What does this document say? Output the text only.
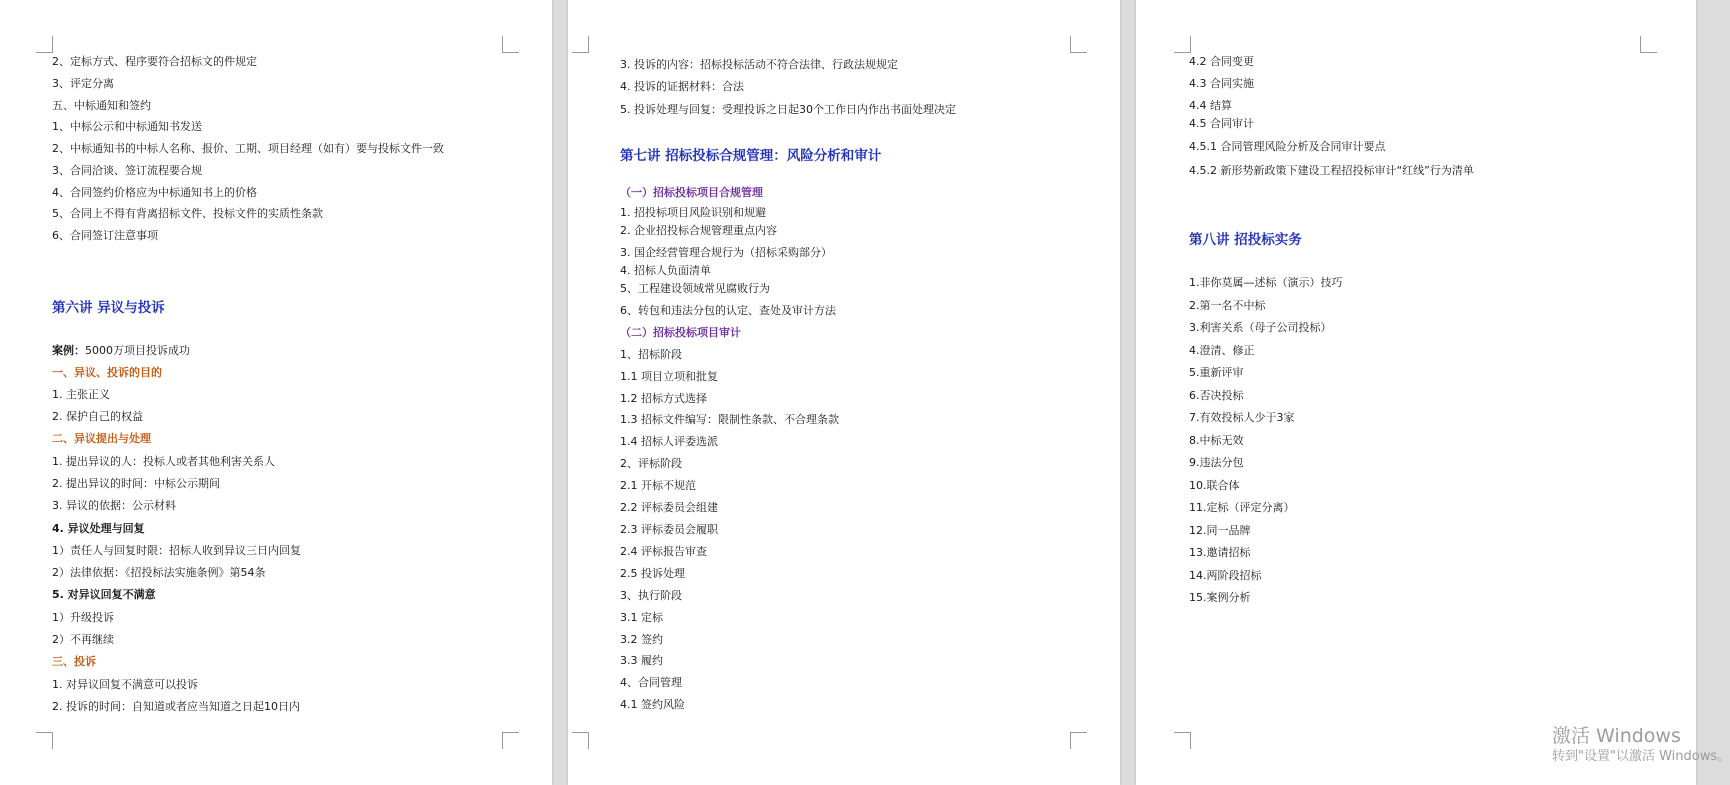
2、定标方式、程序要符合招标文的件规定
3、评定分离
五、中标通知和签约
1、中标公示和中标通知书发送
2、中标通知书的中标人名称、报价、工期、项目经理（如有）要与投标文件一致
3、合同洽谈、签订流程要合规
4、合同签约价格应为中标通知书上的价格
5、合同上不得有背离招标文件、投标文件的实质性条款
6、合同签订注意事项
第六讲 异议与投诉
案例：5000万项目投诉成功
一、异议、投诉的目的
1. 主张正义
2. 保护自己的权益
二、异议提出与处理
1. 提出异议的人：投标人或者其他利害关系人
2. 提出异议的时间：中标公示期间
3. 异议的依据：公示材料
4. 异议处理与回复
1）责任人与回复时限：招标人收到异议三日内回复
2）法律依据：《招投标法实施条例》第54条
5. 对异议回复不满意
1）升级投诉
2）不再继续
三、投诉
1. 对异议回复不满意可以投诉
2. 投诉的时间：自知道或者应当知道之日起10日内
3. 投诉的内容：招标投标活动不符合法律、行政法规规定
4. 投诉的证据材料：合法
5. 投诉处理与回复：受理投诉之日起30个工作日内作出书面处理决定
第七讲 招标投标合规管理：风险分析和审计
（一）招标投标项目合规管理
1. 招投标项目风险识别和规避
2. 企业招投标合规管理重点内容
3. 国企经营管理合规行为（招标采购部分）
4. 招标人负面清单
5、工程建设领域常见腐败行为
6、转包和违法分包的认定、查处及审计方法
（二）招标投标项目审计
1、招标阶段
1.1 项目立项和批复
1.2 招标方式选择
1.3 招标文件编写：限制性条款、不合理条款
1.4 招标人评委选派
2、评标阶段
2.1 开标不规范
2.2 评标委员会组建
2.3 评标委员会履职
2.4 评标报告审查
2.5 投诉处理
3、执行阶段
3.1 定标
3.2 签约
3.3 履约
4、合同管理
4.1 签约风险
4.2 合同变更
4.3 合同实施
4.4 结算
4.5 合同审计
4.5.1 合同管理风险分析及合同审计要点
4.5.2 新形势新政策下建设工程招投标审计“红线”行为清单
第八讲 招投标实务
1.非你莫属—述标（演示）技巧
2.第一名不中标
3.利害关系（母子公司投标）
4.澄清、修正
5.重新评审
6.否决投标
7.有效投标人少于3家
8.中标无效
9.违法分包
10.联合体
11.定标（评定分离）
12.同一品牌
13.邀请招标
14.两阶段招标
15.案例分析
激活 Windows
转到"设置"以激活 Windows。
